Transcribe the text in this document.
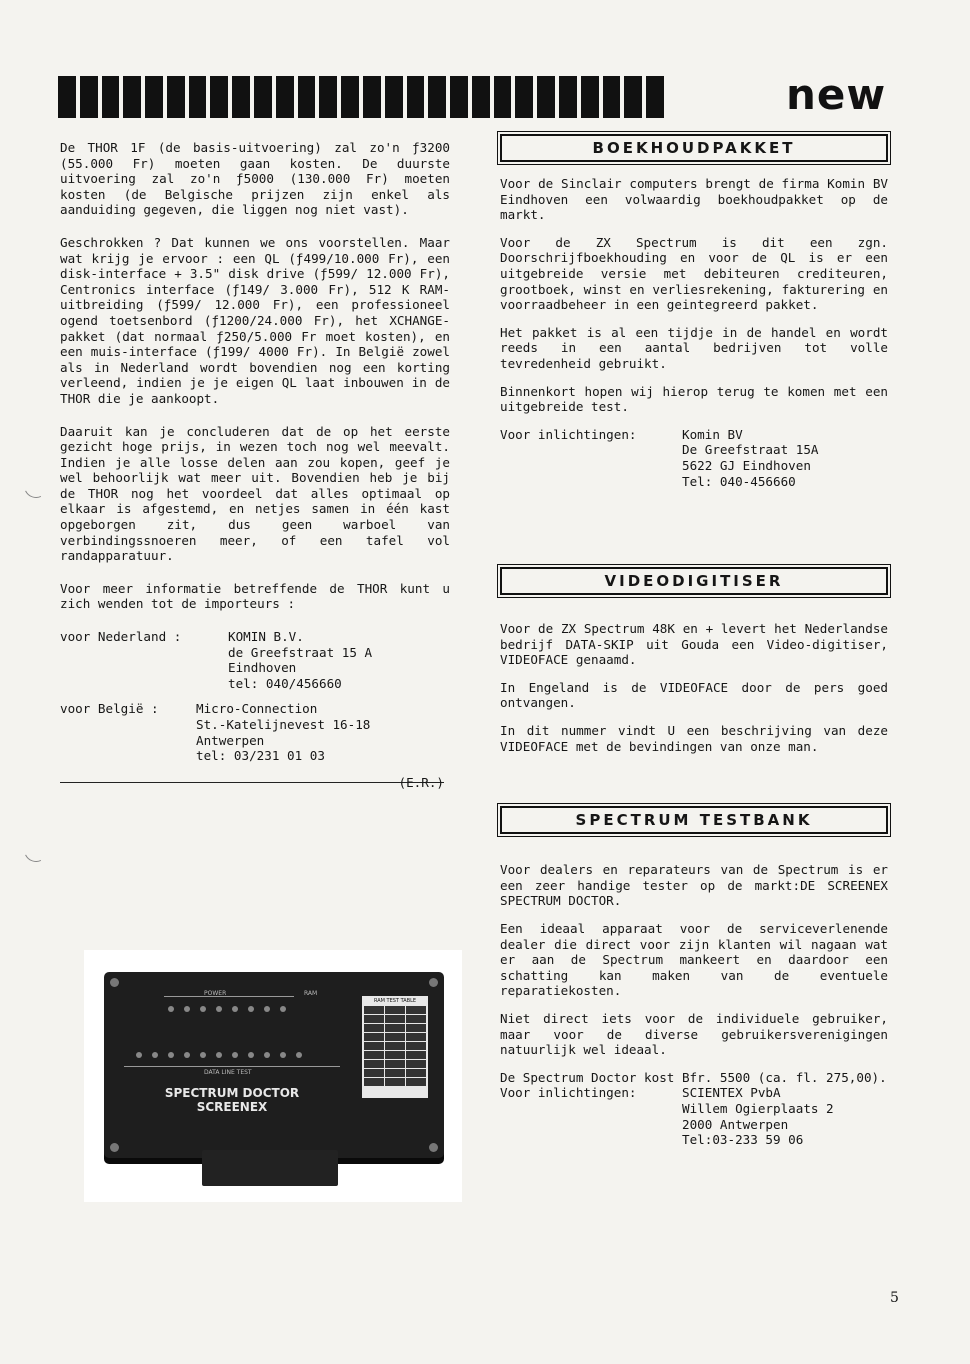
new

De THOR 1F (de basis-uitvoering) zal zo'n ƒ3200 (55.000 Fr) moeten gaan kosten. De duurste uitvoering zal zo'n ƒ5000 (130.000 Fr) moeten kosten (de Belgische prijzen zijn enkel als aanduiding gegeven, die liggen nog niet vast).

Geschrokken ? Dat kunnen we ons voorstellen. Maar wat krijg je ervoor : een QL (ƒ499/10.000 Fr), een disk-interface + 3.5" disk drive (ƒ599/ 12.000 Fr), Centronics interface (ƒ149/ 3.000 Fr), 512 K RAM-uitbreiding (ƒ599/ 12.000 Fr), een professioneel ogend toetsenbord (ƒ1200/24.000 Fr), het XCHANGE-pakket (dat normaal ƒ250/5.000 Fr moet kosten), en een muis-interface (ƒ199/ 4000 Fr). In België zowel als in Nederland wordt bovendien nog een korting verleend, indien je je eigen QL laat inbouwen in de THOR die je aankoopt.

Daaruit kan je concluderen dat de op het eerste gezicht hoge prijs, in wezen toch nog wel meevalt. Indien je alle losse delen aan zou kopen, geef je wel behoorlijk wat meer uit. Bovendien heb je bij de THOR nog het voordeel dat alles optimaal op elkaar is afgestemd, en netjes samen in één kast opgeborgen zit, dus geen warboel van verbindingssnoeren meer, of een tafel vol randapparatuur.

Voor meer informatie betreffende de THOR kunt u zich wenden tot de importeurs :

voor Nederland :	KOMIN B.V.
de Greefstraat 15 A
Eindhoven
tel: 040/456660
voor België :	Micro-Connection
St.-Katelijnevest 16-18
Antwerpen
tel: 03/231 01 03
(E.R.)
POWER	RAM
RAM TEST TABLE
DATA LINE TEST
SPECTRUM DOCTOR
SCREENEX
BOEKHOUDPAKKET

Voor de Sinclair computers brengt de firma Komin BV Eindhoven een volwaardig boekhoudpakket op de markt.

Voor de ZX Spectrum is dit een zgn. Doorschrijfboekhouding en voor de QL is er een uitgebreide versie met debiteuren crediteuren, grootboek, winst en verliesrekening, fakturering en voorraadbeheer in een geintegreerd pakket.

Het pakket is al een tijdje in de handel en wordt reeds in een aantal bedrijven tot volle tevredenheid gebruikt.

Binnenkort hopen wij hierop terug te komen met een uitgebreide test.

Voor inlichtingen:	Komin BV
De Greefstraat 15A
5622 GJ Eindhoven
Tel: 040-456660
VIDEODIGITISER

Voor de ZX Spectrum 48K en + levert het Nederlandse bedrijf DATA-SKIP uit Gouda een Video-digitiser, VIDEOFACE genaamd.

In Engeland is de VIDEOFACE door de pers goed ontvangen.

In dit nummer vindt U een beschrijving van deze VIDEOFACE met de bevindingen van onze man.

SPECTRUM TESTBANK

Voor dealers en reparateurs van de Spectrum is er een zeer handige tester op de markt:DE SCREENEX SPECTRUM DOCTOR.

Een ideaal apparaat voor de serviceverlenende dealer die direct voor zijn klanten wil nagaan wat er aan de Spectrum mankeert en daardoor een schatting kan maken van de eventuele reparatiekosten.

Niet direct iets voor de individuele gebruiker, maar voor de diverse gebruikersverenigingen natuurlijk wel ideaal.

De Spectrum Doctor kost Bfr. 5500 (ca. fl. 275,00).

Voor inlichtingen:	SCIENTEX PvbA
Willem Ogierplaats 2
2000 Antwerpen
Tel:03-233 59 06
5
